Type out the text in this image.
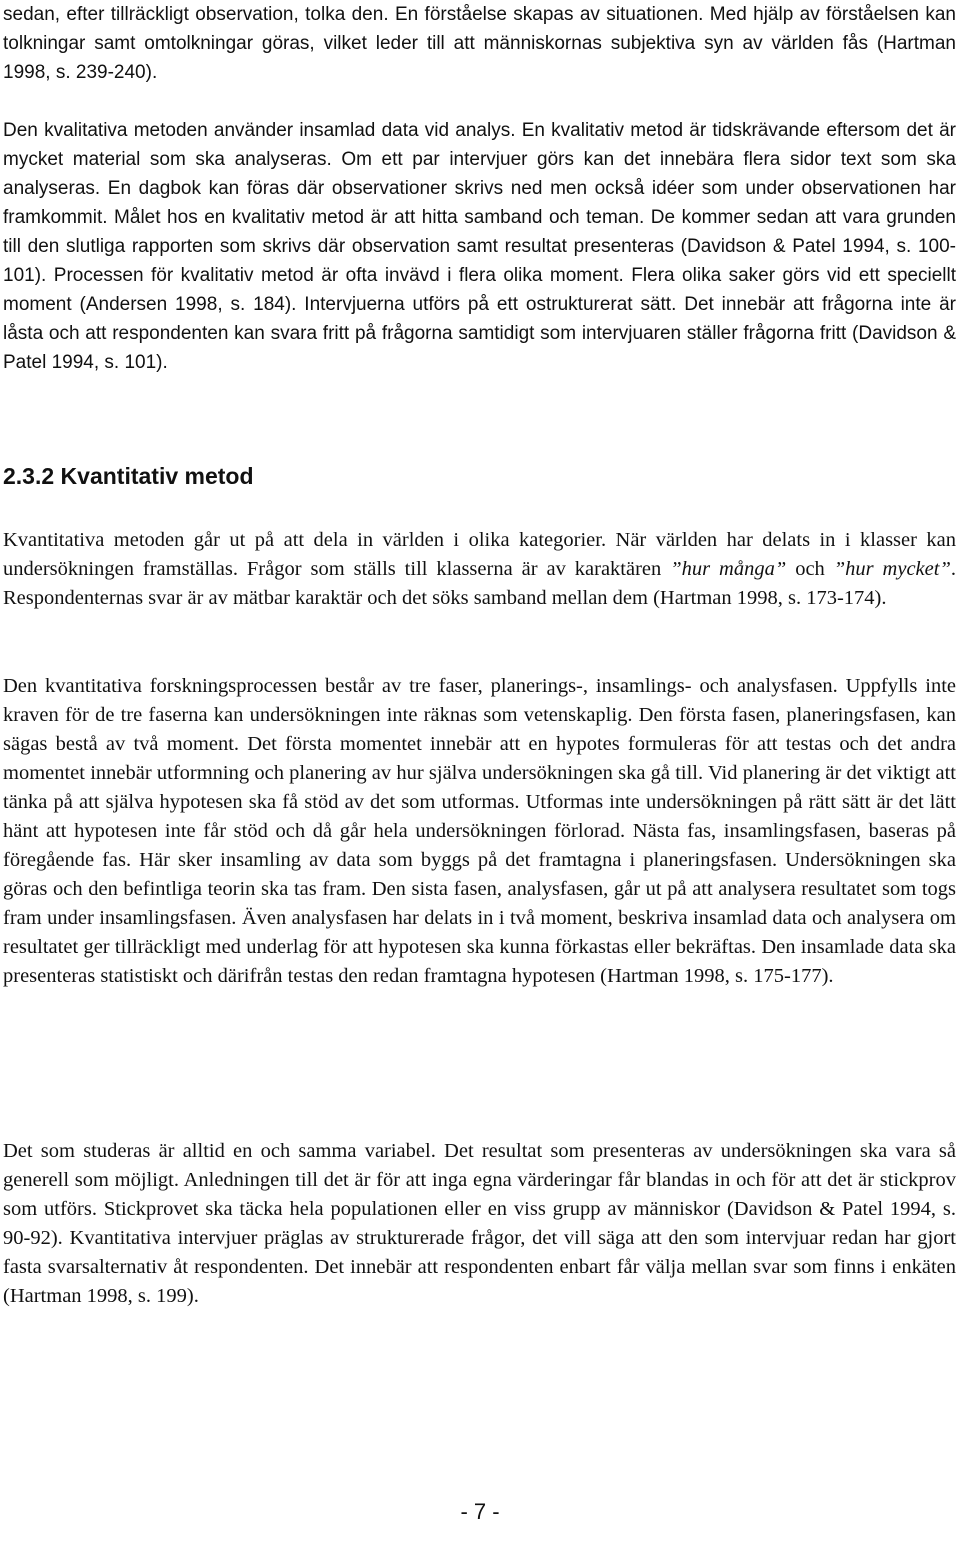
sedan, efter tillräckligt observation, tolka den. En förståelse skapas av situationen. Med hjälp av förståelsen kan tolkningar samt omtolkningar göras, vilket leder till att människornas subjektiva syn av världen fås (Hartman 1998, s. 239-240).

Den kvalitativa metoden använder insamlad data vid analys. En kvalitativ metod är tidskrävande eftersom det är mycket material som ska analyseras. Om ett par intervjuer görs kan det innebära flera sidor text som ska analyseras. En dagbok kan föras där observationer skrivs ned men också idéer som under observationen har framkommit. Målet hos en kvalitativ metod är att hitta samband och teman. De kommer sedan att vara grunden till den slutliga rapporten som skrivs där observation samt resultat presenteras (Davidson & Patel 1994, s. 100-101). Processen för kvalitativ metod är ofta invävd i flera olika moment. Flera olika saker görs vid ett speciellt moment (Andersen 1998, s. 184). Intervjuerna utförs på ett ostrukturerat sätt. Det innebär att frågorna inte är låsta och att respondenten kan svara fritt på frågorna samtidigt som intervjuaren ställer frågorna fritt (Davidson & Patel 1994, s. 101).

2.3.2 Kvantitativ metod

Kvantitativa metoden går ut på att dela in världen i olika kategorier. När världen har delats in i klasser kan undersökningen framställas. Frågor som ställs till klasserna är av karaktären ”hur många” och ”hur mycket”. Respondenternas svar är av mätbar karaktär och det söks samband mellan dem (Hartman 1998, s. 173-174).

Den kvantitativa forskningsprocessen består av tre faser, planerings-, insamlings- och analysfasen. Uppfylls inte kraven för de tre faserna kan undersökningen inte räknas som vetenskaplig. Den första fasen, planeringsfasen, kan sägas bestå av två moment. Det första momentet innebär att en hypotes formuleras för att testas och det andra momentet innebär utformning och planering av hur själva undersökningen ska gå till. Vid planering är det viktigt att tänka på att själva hypotesen ska få stöd av det som utformas. Utformas inte undersökningen på rätt sätt är det lätt hänt att hypotesen inte får stöd och då går hela undersökningen förlorad. Nästa fas, insamlingsfasen, baseras på föregående fas. Här sker insamling av data som byggs på det framtagna i planeringsfasen. Undersökningen ska göras och den befintliga teorin ska tas fram. Den sista fasen, analysfasen, går ut på att analysera resultatet som togs fram under insamlingsfasen. Även analysfasen har delats in i två moment, beskriva insamlad data och analysera om resultatet ger tillräckligt med underlag för att hypotesen ska kunna förkastas eller bekräftas. Den insamlade data ska presenteras statistiskt och därifrån testas den redan framtagna hypotesen (Hartman 1998, s. 175-177).

Det som studeras är alltid en och samma variabel. Det resultat som presenteras av undersökningen ska vara så generell som möjligt. Anledningen till det är för att inga egna värderingar får blandas in och för att det är stickprov som utförs. Stickprovet ska täcka hela populationen eller en viss grupp av människor (Davidson & Patel 1994, s. 90-92). Kvantitativa intervjuer präglas av strukturerade frågor, det vill säga att den som intervjuar redan har gjort fasta svarsalternativ åt respondenten. Det innebär att respondenten enbart får välja mellan svar som finns i enkäten (Hartman 1998, s. 199).

- 7 -
